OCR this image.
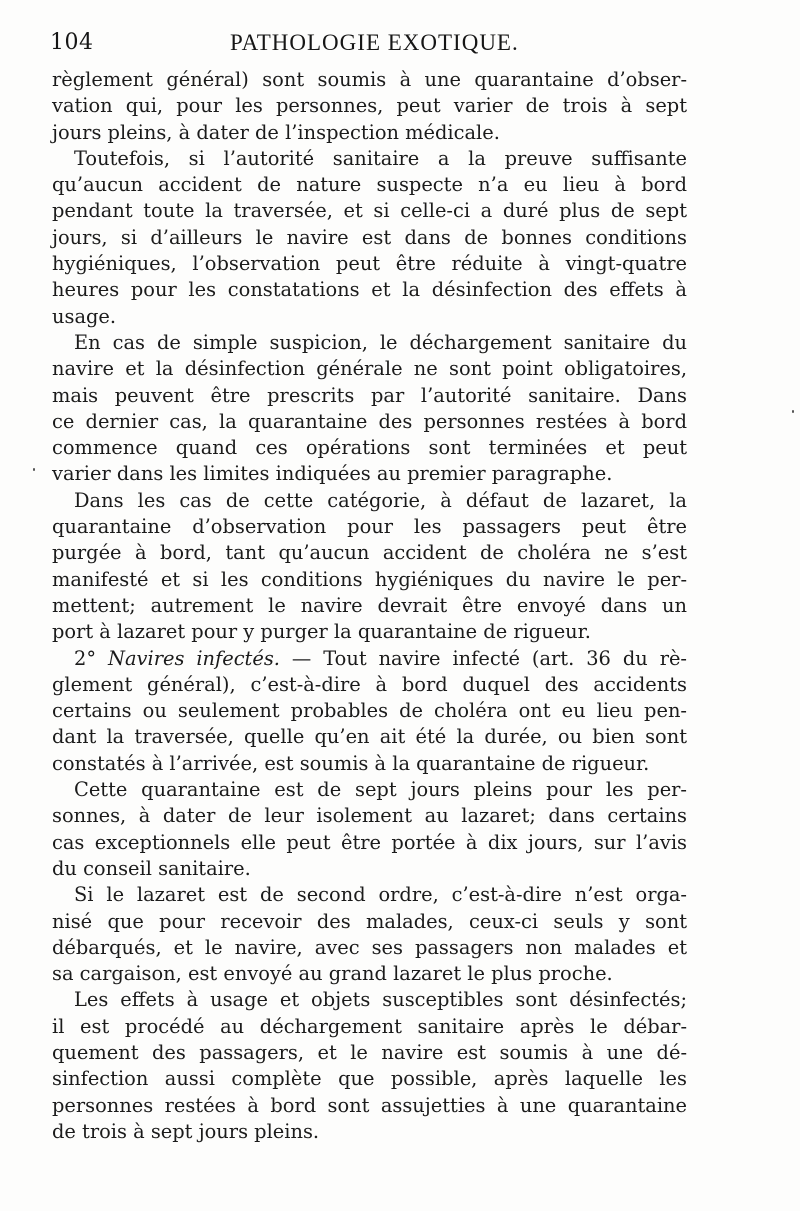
104	PATHOLOGIE EXOTIQUE.
règlement général) sont soumis à une quarantaine d’obser-
vation qui, pour les personnes, peut varier de trois à sept
jours pleins, à dater de l’inspection médicale.
Toutefois, si l’autorité sanitaire a la preuve suffisante
qu’aucun accident de nature suspecte n’a eu lieu à bord
pendant toute la traversée, et si celle-ci a duré plus de sept
jours, si d’ailleurs le navire est dans de bonnes conditions
hygiéniques, l’observation peut être réduite à vingt-quatre
heures pour les constatations et la désinfection des effets à
usage.
En cas de simple suspicion, le déchargement sanitaire du
navire et la désinfection générale ne sont point obligatoires,
mais peuvent être prescrits par l’autorité sanitaire. Dans
ce dernier cas, la quarantaine des personnes restées à bord
commence quand ces opérations sont terminées et peut
varier dans les limites indiquées au premier paragraphe.
Dans les cas de cette catégorie, à défaut de lazaret, la
quarantaine d’observation pour les passagers peut être
purgée à bord, tant qu’aucun accident de choléra ne s’est
manifesté et si les conditions hygiéniques du navire le per-
mettent; autrement le navire devrait être envoyé dans un
port à lazaret pour y purger la quarantaine de rigueur.
2° Navires infectés. — Tout navire infecté (art. 36 du rè-
glement général), c’est-à-dire à bord duquel des accidents
certains ou seulement probables de choléra ont eu lieu pen-
dant la traversée, quelle qu’en ait été la durée, ou bien sont
constatés à l’arrivée, est soumis à la quarantaine de rigueur.
Cette quarantaine est de sept jours pleins pour les per-
sonnes, à dater de leur isolement au lazaret; dans certains
cas exceptionnels elle peut être portée à dix jours, sur l’avis
du conseil sanitaire.
Si le lazaret est de second ordre, c’est-à-dire n’est orga-
nisé que pour recevoir des malades, ceux-ci seuls y sont
débarqués, et le navire, avec ses passagers non malades et
sa cargaison, est envoyé au grand lazaret le plus proche.
Les effets à usage et objets susceptibles sont désinfectés;
il est procédé au déchargement sanitaire après le débar-
quement des passagers, et le navire est soumis à une dé-
sinfection aussi complète que possible, après laquelle les
personnes restées à bord sont assujetties à une quarantaine
de trois à sept jours pleins.
